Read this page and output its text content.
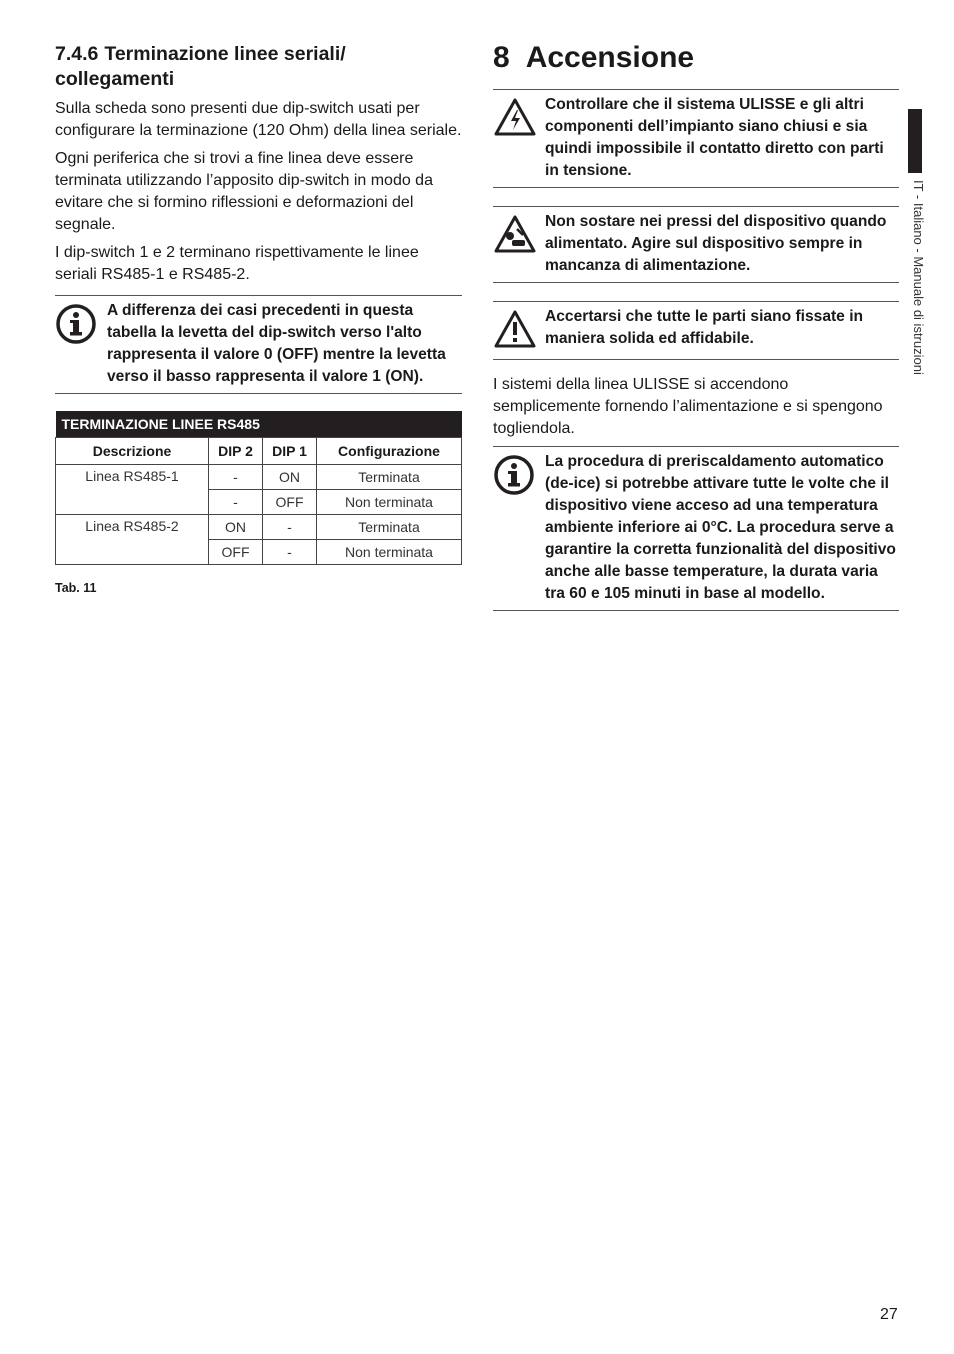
7.4.6 Terminazione linee seriali/
collegamenti

Sulla scheda sono presenti due dip-switch usati per configurare la terminazione (120 Ohm) della linea seriale.

Ogni periferica che si trovi a fine linea deve essere terminata utilizzando l’apposito dip-switch in modo da evitare che si formino riflessioni e deformazioni del segnale.

I dip-switch 1 e 2 terminano rispettivamente le linee seriali RS485-1 e RS485-2.

A differenza dei casi precedenti in questa tabella la levetta del dip-switch verso l'alto rappresenta il valore 0 (OFF) mentre la levetta verso il basso rappresenta il valore 1 (ON).
TERMINAZIONE LINEE RS485			
Descrizione	DIP 2	DIP 1	Configurazione
Linea RS485-1	-	ON	Terminata
	-	OFF	Non terminata
Linea RS485-2	ON	-	Terminata
	OFF	-	Non terminata
Tab. 11
8 Accensione
Controllare che il sistema ULISSE e gli altri componenti dell’impianto siano chiusi e sia quindi impossibile il contatto diretto con parti in tensione.
Non sostare nei pressi del dispositivo quando alimentato. Agire sul dispositivo sempre in mancanza di alimentazione.
Accertarsi che tutte le parti siano fissate in maniera solida ed affidabile.

I sistemi della linea ULISSE si accendono semplicemente fornendo l’alimentazione e si spengono togliendola.

La procedura di preriscaldamento automatico (de-ice) si potrebbe attivare tutte le volte che il dispositivo viene acceso ad una temperatura ambiente inferiore ai 0°C. La procedura serve a garantire la corretta funzionalità del dispositivo anche alle basse temperature, la durata varia tra 60 e 105 minuti in base al modello.
IT - Italiano - Manuale di istruzioni
27
